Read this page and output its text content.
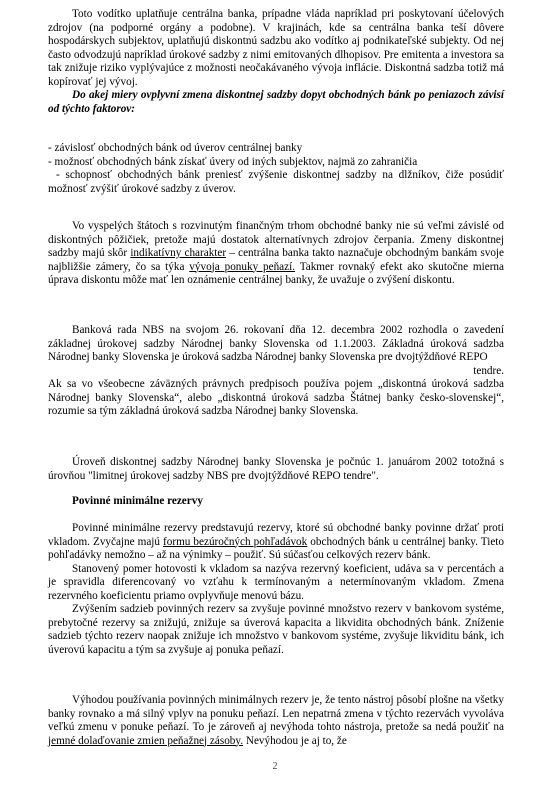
Toto vodítko uplatňuje centrálna banka, prípadne vláda napríklad pri poskytovaní účelových zdrojov (na podporné orgány a podobne). V krajinách, kde sa centrálna banka teší dôvere hospodárskych subjektov, uplatňujú diskontnú sadzbu ako vodítko aj podnikateľské subjekty. Od nej často odvodzujú napríklad úrokové sadzby z nimi emitovaných dlhopisov. Pre emitenta a investora sa tak znižuje riziko vyplývajúce z možnosti neočakávaného vývoja inflácie. Diskontná sadzba totiž má kopírovať jej vývoj.

Do akej miery ovplyvní zmena diskontnej sadzby dopyt obchodných bánk po peniazoch závisí od týchto faktorov:

- závislosť obchodných bánk od úverov centrálnej banky

- možnosť obchodných bánk získať úvery od iných subjektov, najmä zo zahraničia

- schopnosť obchodných bánk preniesť zvýšenie diskontnej sadzby na dlžníkov, čiže posúdiť možnosť zvýšiť úrokové sadzby z úverov.

Vo vyspelých štátoch s rozvinutým finančným trhom obchodné banky nie sú veľmi závislé od diskontných pôžičiek, pretože majú dostatok alternatívnych zdrojov čerpania. Zmeny diskontnej sadzby majú skôr indikatívny charakter – centrálna banka takto naznačuje obchodným bankám svoje najbližšie zámery, čo sa týka vývoja ponuky peňazí. Takmer rovnaký efekt ako skutočne mierna úprava diskontu môže mať len oznámenie centrálnej banky, že uvažuje o zvýšení diskontu.

Banková rada NBS na svojom 26. rokovaní dňa 12. decembra 2002 rozhodla o zavedení základnej úrokovej sadzby Národnej banky Slovenska od 1.1.2003. Základná úroková sadzba Národnej banky Slovenska je úroková sadzba Národnej banky Slovenska pre dvojtýždňové REPO

tendre.

Ak sa vo všeobecne záväzných právnych predpisoch používa pojem „diskontná úroková sadzba Národnej banky Slovenska“, alebo „diskontná úroková sadzba Štátnej banky česko-slovenskej“, rozumie sa tým základná úroková sadzba Národnej banky Slovenska.

Úroveň diskontnej sadzby Národnej banky Slovenska je počnúc 1. januárom 2002 totožná s úrovňou "limitnej úrokovej sadzby NBS pre dvojtýždňové REPO tendre".

Povinné minimálne rezervy

Povinné minimálne rezervy predstavujú rezervy, ktoré sú obchodné banky povinne držať proti vkladom. Zvyčajne majú formu bezúročných pohľadávok obchodných bánk u centrálnej banky. Tieto pohľadávky nemožno – až na výnimky – použiť. Sú súčasťou celkových rezerv bánk.

Stanovený pomer hotovosti k vkladom sa nazýva rezervný koeficient, udáva sa v percentách a je spravidla diferencovaný vo vzťahu k termínovaným a netermínovaným vkladom. Zmena rezervného koeficientu priamo ovplyvňuje menovú bázu.

Zvýšením sadzieb povinných rezerv sa zvyšuje povinné množstvo rezerv v bankovom systéme, prebytočné rezervy sa znižujú, znižuje sa úverová kapacita a likvidita obchodných bánk. Zníženie sadzieb týchto rezerv naopak znižuje ich množstvo v bankovom systéme, zvyšuje likviditu bánk, ich úverovú kapacitu a tým sa zvyšuje aj ponuka peňazí.

Výhodou používania povinných minimálnych rezerv je, že tento nástroj pôsobí plošne na všetky banky rovnako a má silný vplyv na ponuku peňazí. Len nepatrná zmena v týchto rezervách vyvoláva veľkú zmenu v ponuke peňazí. To je zároveň aj nevýhoda tohto nástroja, pretože sa nedá použiť na jemné dolaďovanie zmien peňažnej zásoby. Nevýhodou je aj to, že

2
